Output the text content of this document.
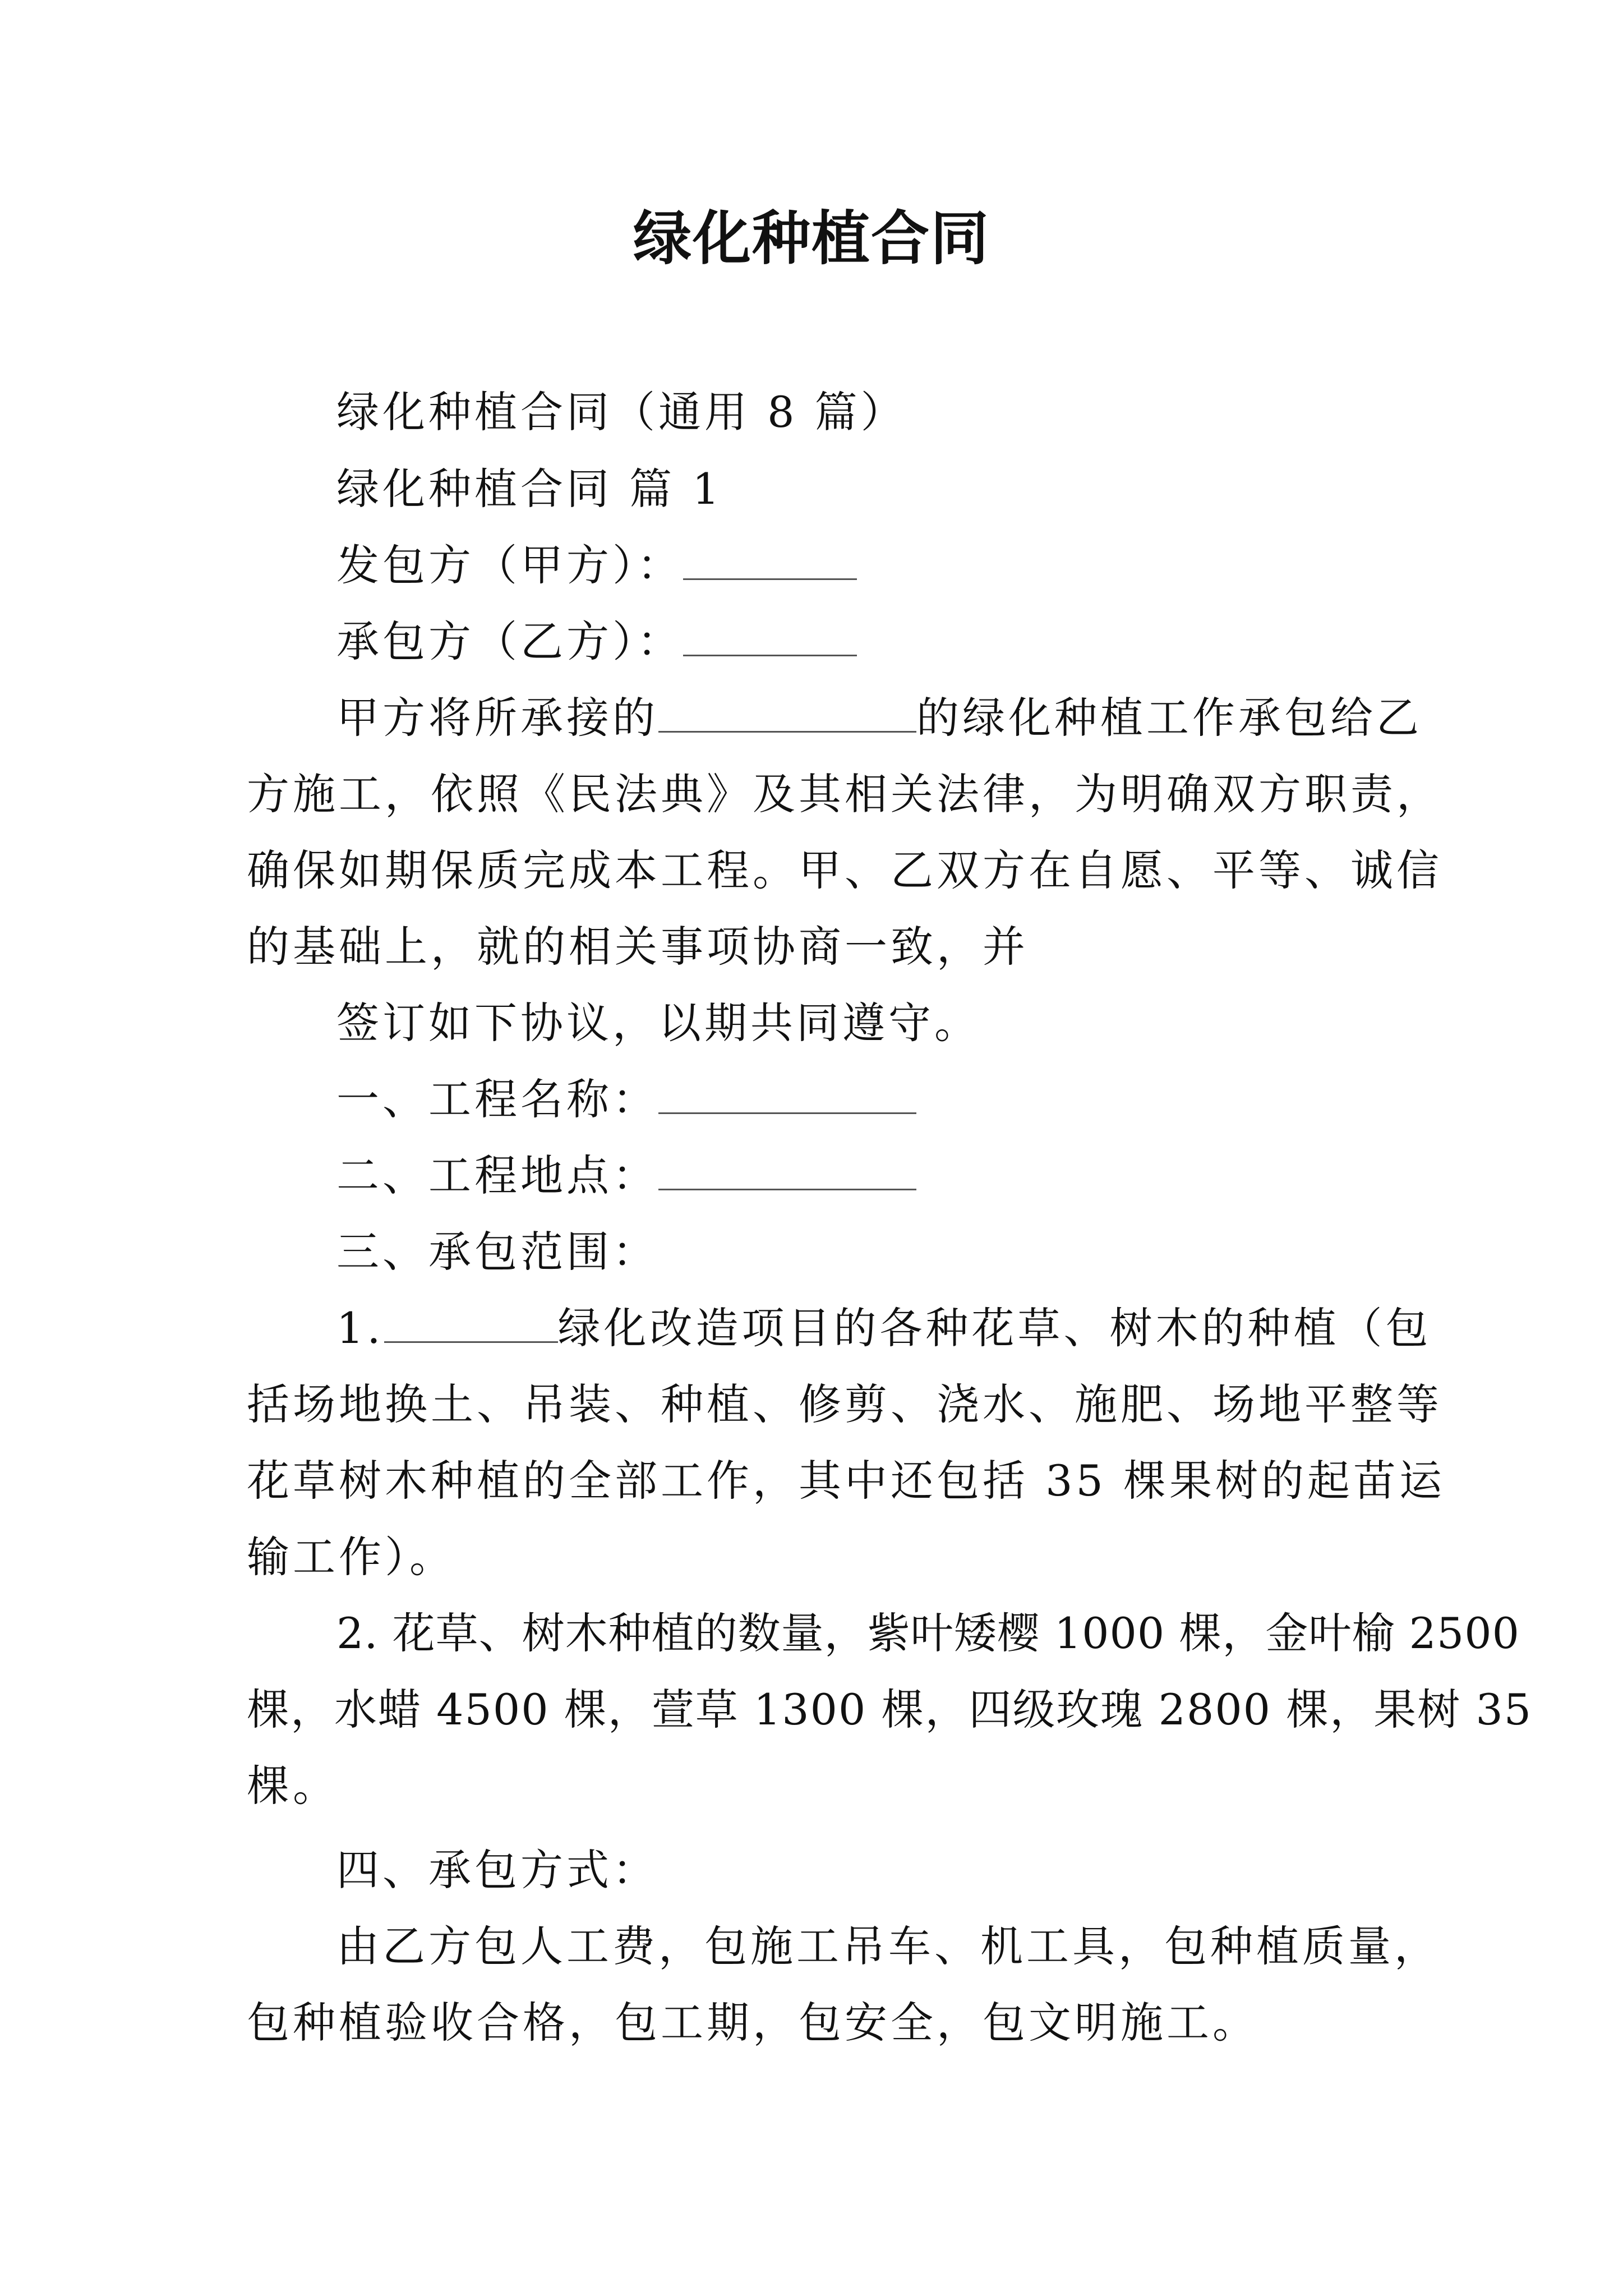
绿化种植合同
绿化种植合同（通用 8 篇）
绿化种植合同 篇 1
发包方（甲方）：
承包方（乙方）：
甲方将所承接的	的绿化种植工作承包给乙
方施工，依照《民法典》及其相关法律，为明确双方职责，
确保如期保质完成本工程。甲、乙双方在自愿、平等、诚信
的基础上，就的相关事项协商一致，并
签订如下协议，以期共同遵守。
一、工程名称：
二、工程地点：
三、承包范围：
1.	绿化改造项目的各种花草、树木的种植（包
括场地换土、吊装、种植、修剪、浇水、施肥、场地平整等
花草树木种植的全部工作，其中还包括 35 棵果树的起苗运
输工作）。
2. 花草、树木种植的数量，紫叶矮樱 1000 棵，金叶榆 2500
棵，水蜡 4500 棵，萱草 1300 棵，四级玫瑰 2800 棵，果树 35
棵。
四、承包方式：
由乙方包人工费，包施工吊车、机工具，包种植质量，
包种植验收合格，包工期，包安全，包文明施工。
